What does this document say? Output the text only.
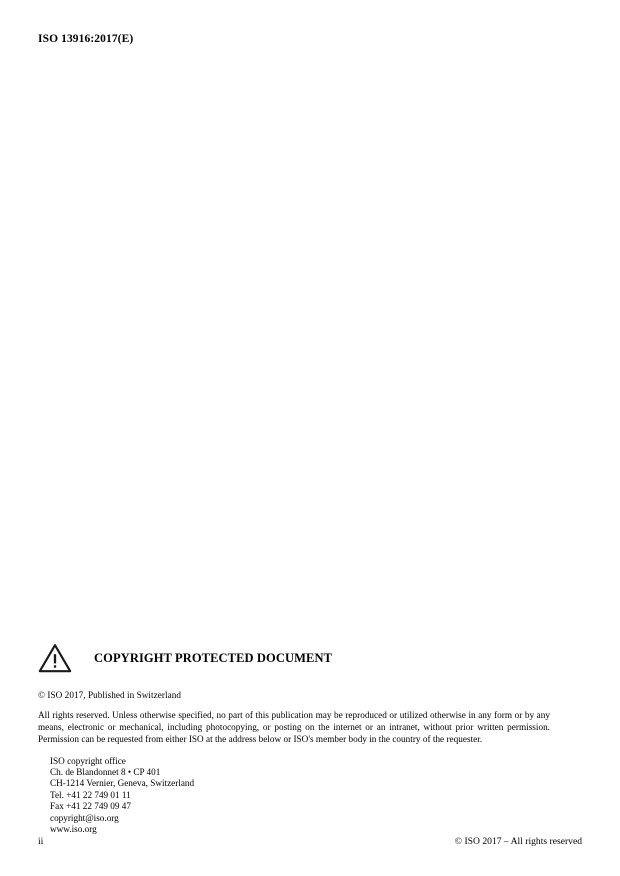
ISO 13916:2017(E)
COPYRIGHT PROTECTED DOCUMENT
© ISO 2017, Published in Switzerland
All rights reserved. Unless otherwise specified, no part of this publication may be reproduced or utilized otherwise in any form or by any means, electronic or mechanical, including photocopying, or posting on the internet or an intranet, without prior written permission. Permission can be requested from either ISO at the address below or ISO's member body in the country of the requester.
ISO copyright office
Ch. de Blandonnet 8 • CP 401
CH-1214 Vernier, Geneva, Switzerland
Tel. +41 22 749 01 11
Fax +41 22 749 09 47
copyright@iso.org
www.iso.org
ii	© ISO 2017 – All rights reserved
